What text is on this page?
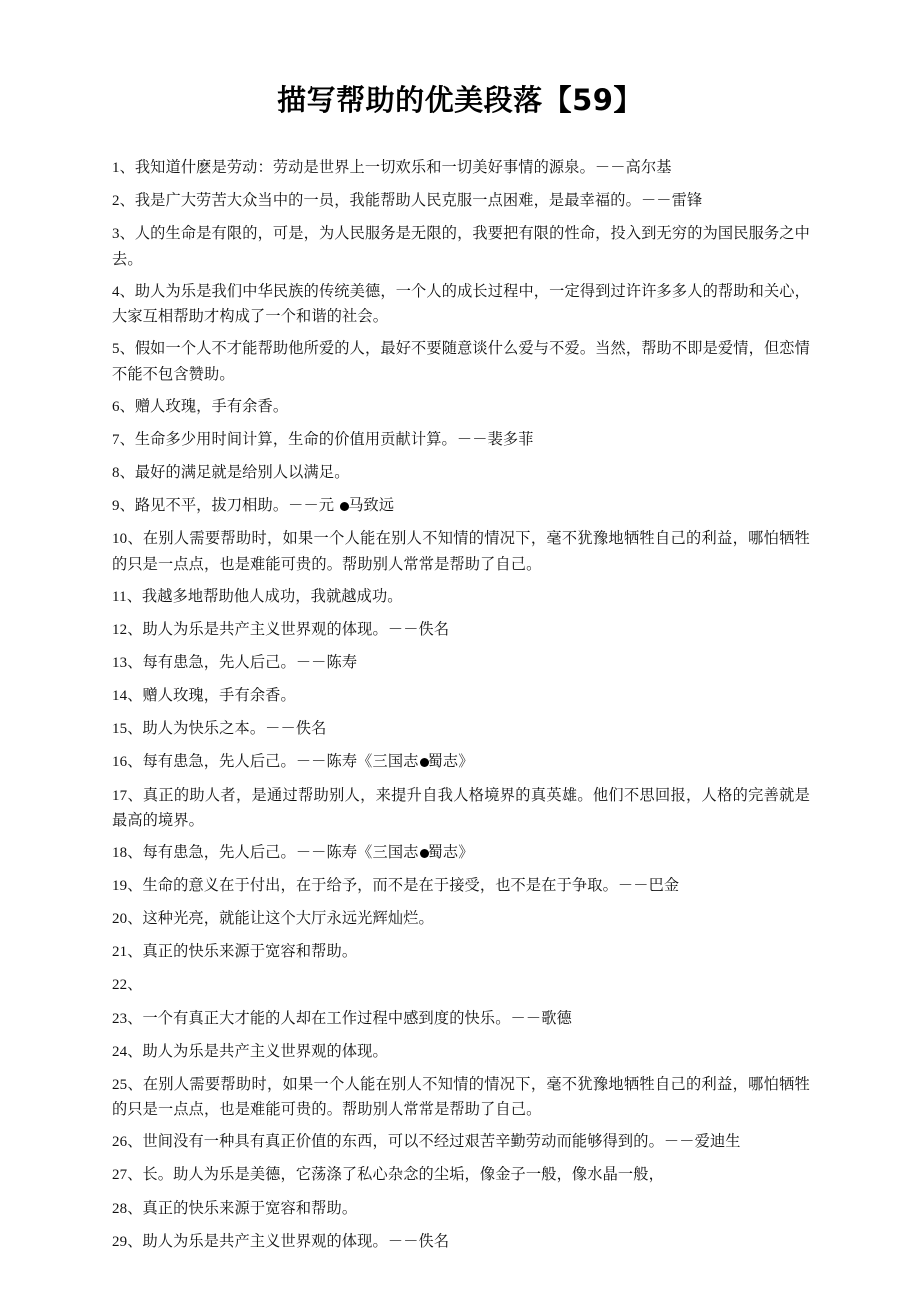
描写帮助的优美段落【59】

1、我知道什麽是劳动：劳动是世界上一切欢乐和一切美好事情的源泉。－－高尔基

2、我是广大劳苦大众当中的一员，我能帮助人民克服一点困难，是最幸福的。－－雷锋

3、人的生命是有限的，可是，为人民服务是无限的，我要把有限的性命，投入到无穷的为国民服务之中去。

4、助人为乐是我们中华民族的传统美德，一个人的成长过程中，一定得到过许许多多人的帮助和关心，大家互相帮助才构成了一个和谐的社会。

5、假如一个人不才能帮助他所爱的人，最好不要随意谈什么爱与不爱。当然，帮助不即是爱情，但恋情不能不包含赞助。

6、赠人玫瑰，手有余香。

7、生命多少用时间计算，生命的价值用贡献计算。－－裴多菲

8、最好的满足就是给别人以满足。

9、路见不平，拔刀相助。－－元 马致远

10、在别人需要帮助时，如果一个人能在别人不知情的情况下，毫不犹豫地牺牲自己的利益，哪怕牺牲的只是一点点，也是难能可贵的。帮助别人常常是帮助了自己。

11、我越多地帮助他人成功，我就越成功。

12、助人为乐是共产主义世界观的体现。－－佚名

13、每有患急，先人后己。－－陈寿

14、赠人玫瑰，手有余香。

15、助人为快乐之本。－－佚名

16、每有患急，先人后己。－－陈寿《三国志 蜀志》

17、真正的助人者，是通过帮助别人，来提升自我人格境界的真英雄。他们不思回报，人格的完善就是最高的境界。

18、每有患急，先人后己。－－陈寿《三国志 蜀志》

19、生命的意义在于付出，在于给予，而不是在于接受，也不是在于争取。－－巴金

20、这种光亮，就能让这个大厅永远光辉灿烂。

21、真正的快乐来源于宽容和帮助。

22、

23、一个有真正大才能的人却在工作过程中感到度的快乐。－－歌德

24、助人为乐是共产主义世界观的体现。

25、在别人需要帮助时，如果一个人能在别人不知情的情况下，毫不犹豫地牺牲自己的利益，哪怕牺牲的只是一点点，也是难能可贵的。帮助别人常常是帮助了自己。

26、世间没有一种具有真正价值的东西，可以不经过艰苦辛勤劳动而能够得到的。－－爱迪生

27、长。助人为乐是美德，它荡涤了私心杂念的尘垢，像金子一般，像水晶一般，

28、真正的快乐来源于宽容和帮助。

29、助人为乐是共产主义世界观的体现。－－佚名
